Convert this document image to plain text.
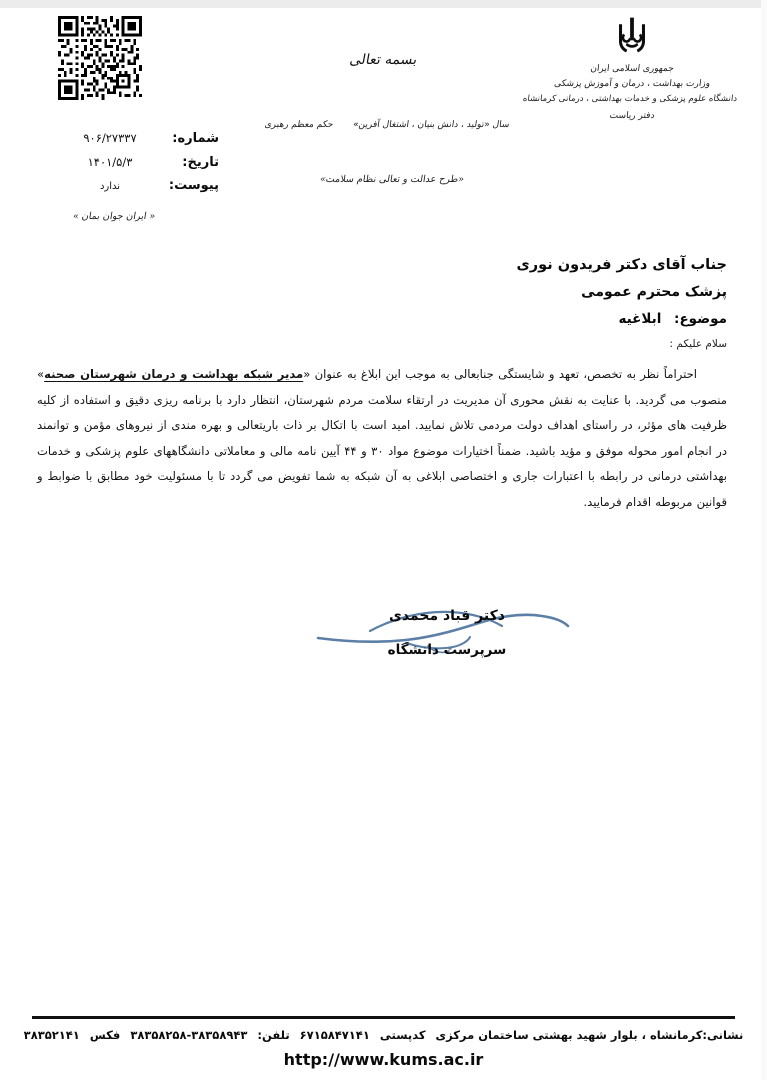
جمهوری اسلامی ایران
وزارت بهداشت ، درمان و آموزش پزشکی
دانشگاه علوم پزشکی و خدمات بهداشتی ، درمانی کرمانشاه
دفتر ریاست
بسمه تعالی
سال «تولید ، دانش بنیان ، اشتغال آفرین»  حکم معظم رهبری
«طرح عدالت و تعالی نظام سلامت»
« ایران جوان بمان »
شماره:
۹۰۶/۲۷۳۳۷
تاریخ:
۱۴۰۱/۵/۳
پیوست:
ندارد
جناب آقای دکتر فریدون نوری
پزشک محترم عمومی
موضوع: ابلاغیه
سلام علیکم :

احتراماً نظر به تخصص، تعهد و شایستگی جنابعالی به موجب این ابلاغ به عنوان «مدیر شبکه بهداشت و درمان شهرستان صحنه» منصوب می گردید. با عنایت به نقش محوری آن مدیریت در ارتقاء سلامت مردم شهرستان، انتظار دارد با برنامه ریزی دقیق و استفاده از کلیه ظرفیت های مؤثر، در راستای اهداف دولت مردمی تلاش نمایید. امید است با اتکال بر ذات باریتعالی و بهره مندی از نیروهای مؤمن و توانمند در انجام امور محوله موفق و مؤید باشید. ضمناً اختیارات موضوع مواد ۳۰ و ۴۴ آیین نامه مالی و معاملاتی دانشگاههای علوم پزشکی و خدمات بهداشتی درمانی در رابطه با اعتبارات جاری و اختصاصی ابلاغی به آن شبکه به شما تفویض می گردد تا با مسئولیت خود مطابق با ضوابط و قوانین مربوطه اقدام فرمایید.

دکتر قباد محمدی
سرپرست دانشگاه
نشانی:کرمانشاه ، بلوار شهید بهشتی ساختمان مرکزیکدپستی۶۷۱۵۸۴۷۱۴۱تلفن:۳۸۳۵۸۹۴۳-۳۸۳۵۸۲۵۸فکس۳۸۳۵۲۱۴۱
http://www.kums.ac.ir
